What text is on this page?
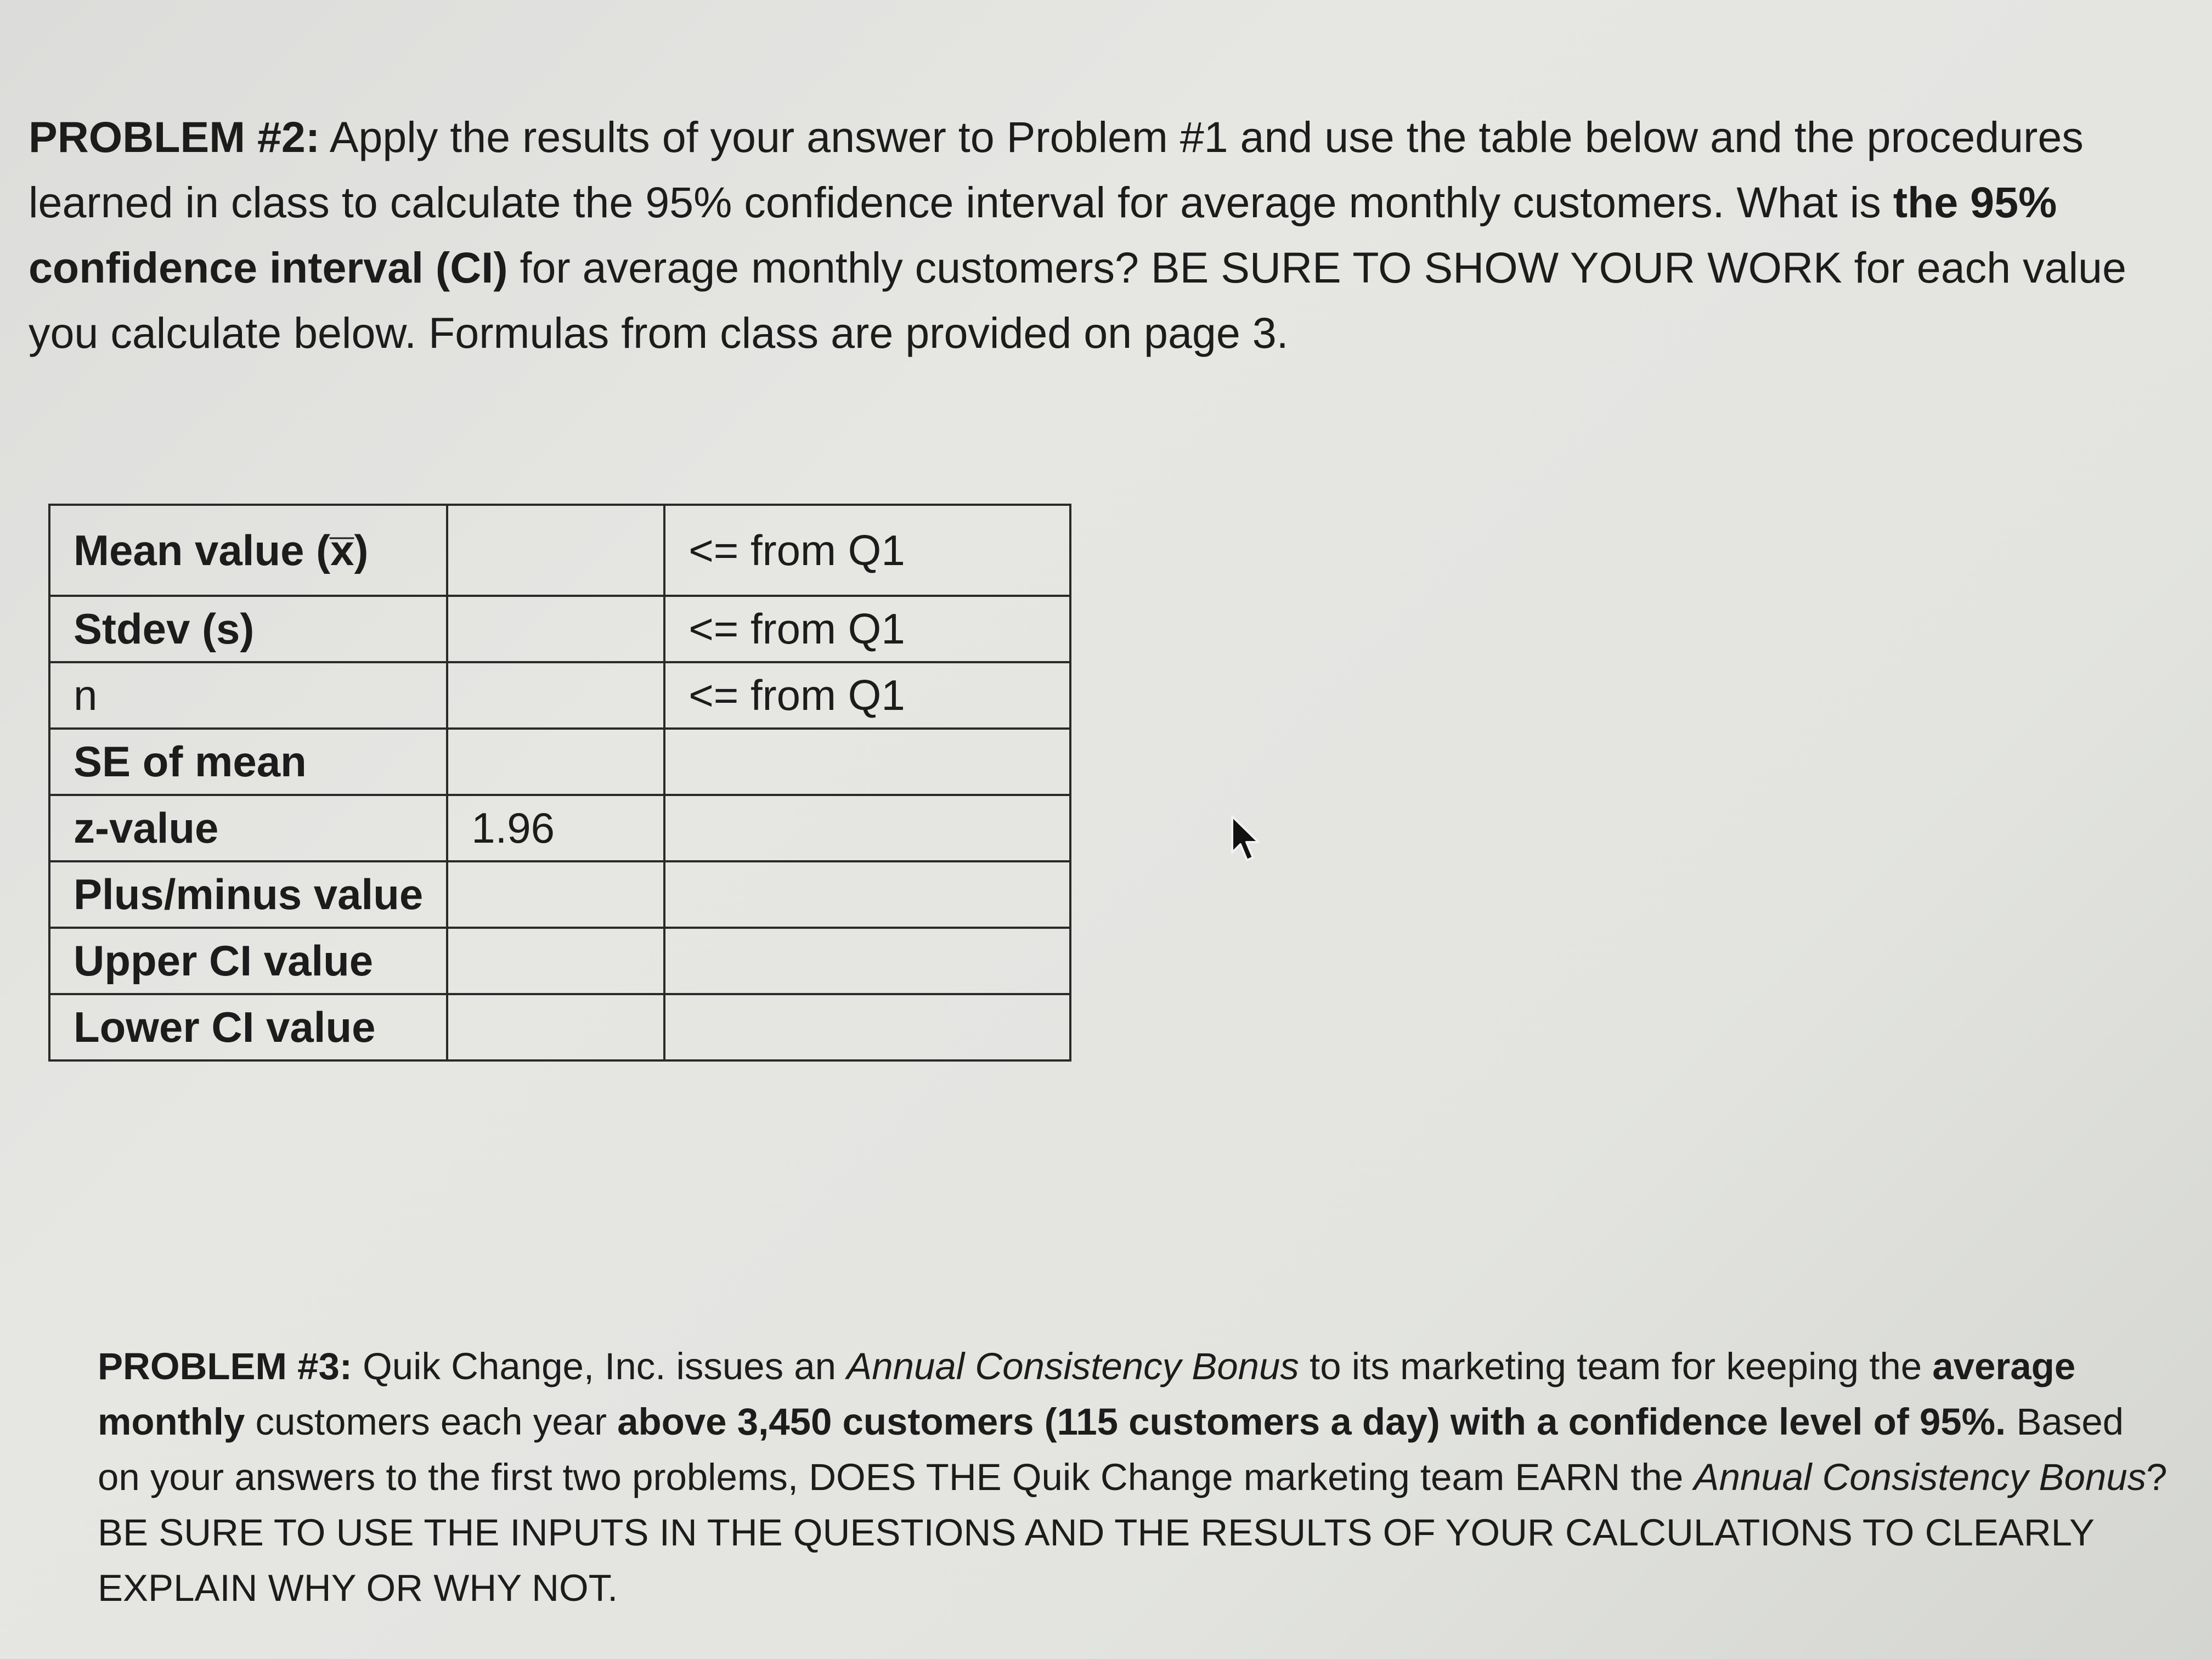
PROBLEM #2: Apply the results of your answer to Problem #1 and use the table below and the procedures learned in class to calculate the 95% confidence interval for average monthly customers. What is the 95% confidence interval (CI) for average monthly customers? BE SURE TO SHOW YOUR WORK for each value you calculate below. Formulas from class are provided on page 3.

Mean value (x̅)		<= from Q1
Stdev (s)		<= from Q1
n		<= from Q1
SE of mean		
z-value	1.96	
Plus/minus value		
Upper CI value		
Lower CI value		

PROBLEM #3: Quik Change, Inc. issues an Annual Consistency Bonus to its marketing team for keeping the average monthly customers each year above 3,450 customers (115 customers a day) with a confidence level of 95%. Based on your answers to the first two problems, DOES THE Quik Change marketing team EARN the Annual Consistency Bonus? BE SURE TO USE THE INPUTS IN THE QUESTIONS AND THE RESULTS OF YOUR CALCULATIONS TO CLEARLY EXPLAIN WHY OR WHY NOT.
